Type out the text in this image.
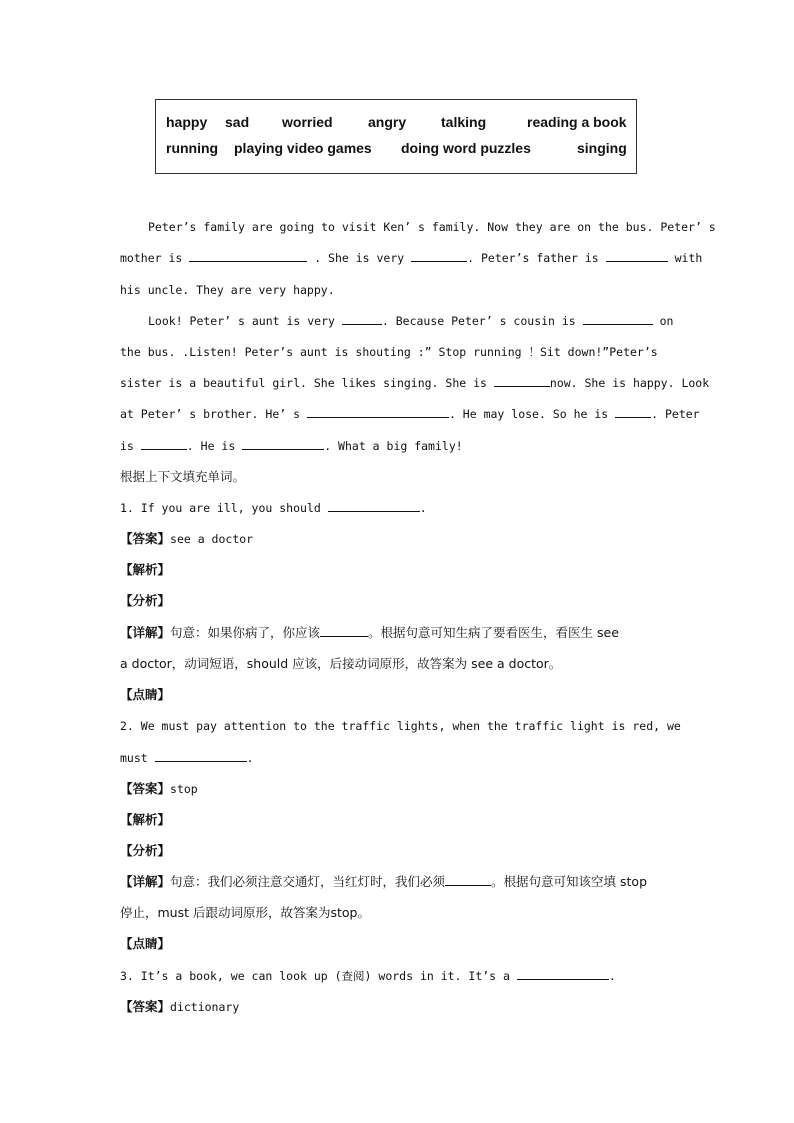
happy sad worried	angry talking	reading a book
running playing video games doing word puzzles	singing
Peter’s family are going to visit Ken’ s family. Now they are on the bus. Peter’ s
mother is	. She is very	. Peter’s father is	with
his uncle. They are very happy.
Look! Peter’ s aunt is very	. Because Peter’ s cousin is	on
the bus. .Listen! Peter’s aunt is shouting :” Stop running ！Sit down!”Peter’s
sister is a beautiful girl. She likes singing. She is	now. She is happy. Look
at Peter’ s brother. He’ s	. He may lose. So he is	. Peter
is	. He is	. What a big family!
根据上下文填充单词。
1. If you are ill, you should	.
【答案】see a doctor
【解析】
【分析】
【详解】句意：如果你病了，你应该	。根据句意可知生病了要看医生，看医生 see
a doctor，动词短语，should 应该，后接动词原形，故答案为 see a doctor。
【点睛】
2. We must pay attention to the traffic lights, when the traffic light is red, we
must	.
【答案】stop
【解析】
【分析】
【详解】句意：我们必须注意交通灯，当红灯时，我们必须	。根据句意可知该空填 stop
停止，must 后跟动词原形，故答案为stop。
【点睛】
3. It’s a book, we can look up (查阅) words in it. It’s a	.
【答案】dictionary
